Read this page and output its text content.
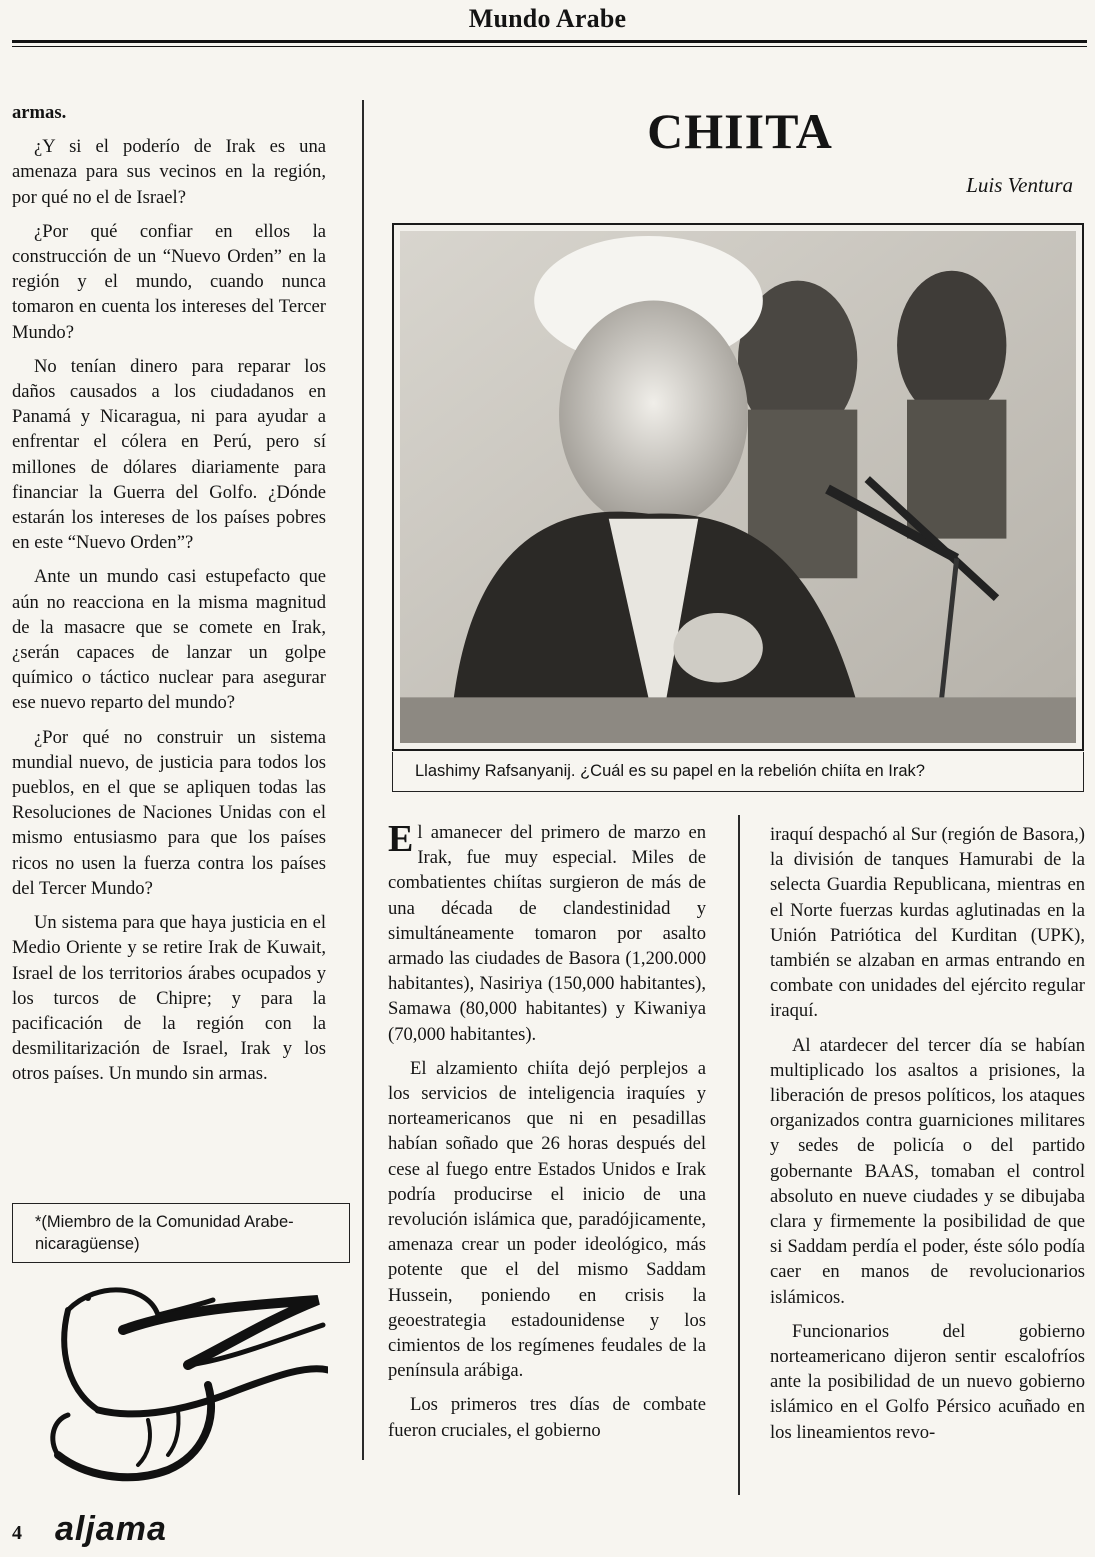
Mundo Arabe

armas.

¿Y si el poderío de Irak es una amenaza para sus vecinos en la región, por qué no el de Israel?

¿Por qué confiar en ellos la construcción de un “Nuevo Orden” en la región y el mundo, cuando nunca tomaron en cuenta los intereses del Tercer Mundo?

No tenían dinero para reparar los daños causados a los ciudadanos en Panamá y Nicaragua, ni para ayudar a enfrentar el cólera en Perú, pero sí millones de dólares diariamente para financiar la Guerra del Golfo. ¿Dónde estarán los intereses de los países pobres en este “Nuevo Orden”?

Ante un mundo casi estupefacto que aún no reacciona en la misma magnitud de la masacre que se comete en Irak, ¿serán capaces de lanzar un golpe químico o táctico nuclear para asegurar ese nuevo reparto del mundo?

¿Por qué no construir un sistema mundial nuevo, de justicia para todos los pueblos, en el que se apliquen todas las Resoluciones de Naciones Unidas con el mismo entusiasmo para que los países ricos no usen la fuerza contra los países del Tercer Mundo?

Un sistema para que haya justicia en el Medio Oriente y se retire Irak de Kuwait, Israel de los territorios árabes ocupados y los turcos de Chipre; y para la pacificación de la región con la desmilitarización de Israel, Irak y los otros países. Un mundo sin armas.

*(Miembro de la Comunidad Arabe-nicaragüense)
CHIITA
Luis Ventura
Llashimy Rafsanyanij. ¿Cuál es su papel en la rebelión chiíta en Irak?

El amanecer del primero de marzo en Irak, fue muy especial. Miles de combatientes chiítas surgieron de más de una década de clandestinidad y simultáneamente tomaron por asalto armado las ciudades de Basora (1,200.000 habitantes), Nasiriya (150,000 habitantes), Samawa (80,000 habitantes) y Kiwaniya (70,000 habitantes).

El alzamiento chiíta dejó perplejos a los servicios de inteligencia iraquíes y norteamericanos que ni en pesadillas habían soñado que 26 horas después del cese al fuego entre Estados Unidos e Irak podría producirse el inicio de una revolución islámica que, paradójicamente, amenaza crear un poder ideológico, más potente que el del mismo Saddam Hussein, poniendo en crisis la geoestrategia estadounidense y los cimientos de los regímenes feudales de la península arábiga.

Los primeros tres días de combate fueron cruciales, el gobierno

iraquí despachó al Sur (región de Basora,) la división de tanques Hamurabi de la selecta Guardia Republicana, mientras en el Norte fuerzas kurdas aglutinadas en la Unión Patriótica del Kurditan (UPK), también se alzaban en armas entrando en combate con unidades del ejército regular iraquí.

Al atardecer del tercer día se habían multiplicado los asaltos a prisiones, la liberación de presos políticos, los ataques organizados contra guarniciones militares y sedes de policía o del partido gobernante BAAS, tomaban el control absoluto en nueve ciudades y se dibujaba clara y firmemente la posibilidad de que si Saddam perdía el poder, éste sólo podía caer en manos de revolucionarios islámicos.

Funcionarios del gobierno norteamericano dijeron sentir escalofríos ante la posibilidad de un nuevo gobierno islámico en el Golfo Pérsico acuñado en los lineamientos revo-

4 aljama
